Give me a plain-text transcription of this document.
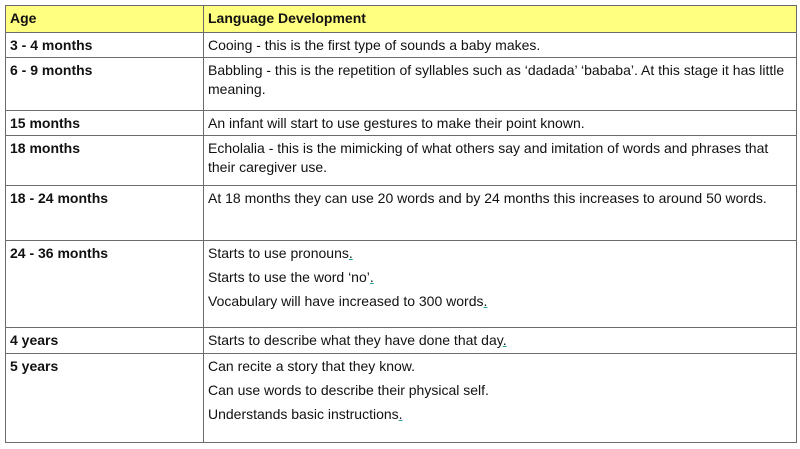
Age	Language Development
3 - 4 months	Cooing - this is the first type of sounds a baby makes.

6 - 9 months	Babbling - this is the repetition of syllables such as ‘dadada’ ‘bababa’. At this stage it has little meaning.

15 months	An infant will start to use gestures to make their point known.

18 months	Echolalia - this is the mimicking of what others say and imitation of words and phrases that their caregiver use.

18 - 24 months	At 18 months they can use 20 words and by 24 months this increases to around 50 words.

24 - 36 months	Starts to use pronouns.
Starts to use the word ‘no’.
Vocabulary will have increased to 300 words.

4 years	Starts to describe what they have done that day.

5 years	Can recite a story that they know.
Can use words to describe their physical self.
Understands basic instructions.
